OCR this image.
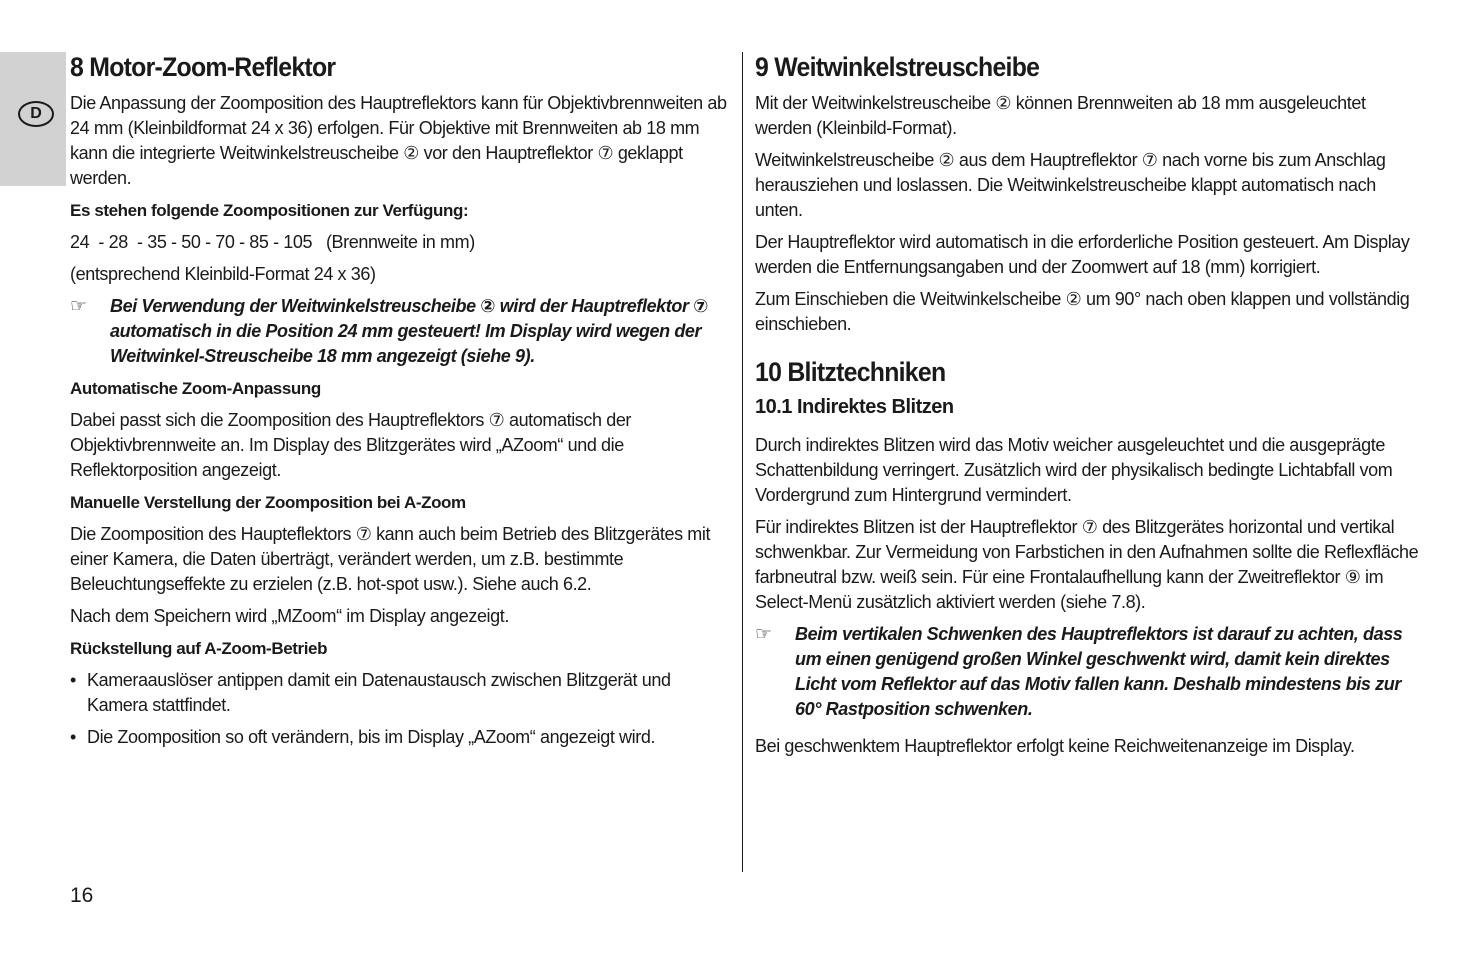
D
8 Motor-Zoom-Reflektor

Die Anpassung der Zoomposition des Hauptreflektors kann für Objektivbrennweiten ab 24 mm (Kleinbildformat 24 x 36) erfolgen. Für Objektive mit Brennweiten ab 18 mm kann die integrierte Weitwinkelstreuscheibe ② vor den Hauptreflektor ⑦ geklappt werden.

Es stehen folgende Zoompositionen zur Verfügung:

24  - 28  - 35 - 50 - 70 - 85 - 105   (Brennweite in mm)

(entsprechend Kleinbild-Format 24 x 36)

☞	Bei Verwendung der Weitwinkelstreuscheibe ② wird der Hauptreflektor ⑦ automatisch in die Position 24 mm gesteuert! Im Display wird wegen der Weitwinkel-Streuscheibe 18 mm angezeigt (siehe 9).

Automatische Zoom-Anpassung

Dabei passt sich die Zoomposition des Hauptreflektors ⑦ automatisch der Objektivbrennweite an. Im Display des Blitzgerätes wird „AZoom“ und die Reflektorposition angezeigt.

Manuelle Verstellung der Zoomposition bei A-Zoom

Die Zoomposition des Haupteflektors ⑦ kann auch beim Betrieb des Blitzgerätes mit einer Kamera, die Daten überträgt, verändert werden, um z.B. bestimmte Beleuchtungseffekte zu erzielen (z.B. hot-spot usw.). Siehe auch 6.2.

Nach dem Speichern wird „MZoom“ im Display angezeigt.

Rückstellung auf A-Zoom-Betrieb

• Kameraauslöser antippen damit ein Datenaustausch zwischen Blitzgerät und Kamera stattfindet.
• Die Zoomposition so oft verändern, bis im Display „AZoom“ angezeigt wird.
9 Weitwinkelstreuscheibe

Mit der Weitwinkelstreuscheibe ② können Brennweiten ab 18 mm ausgeleuchtet werden (Kleinbild-Format).

Weitwinkelstreuscheibe ② aus dem Hauptreflektor ⑦ nach vorne bis zum Anschlag herausziehen und loslassen. Die Weitwinkelstreuscheibe klappt automatisch nach unten.

Der Hauptreflektor wird automatisch in die erforderliche Position gesteuert. Am Display werden die Entfernungsangaben und der Zoomwert auf 18 (mm) korrigiert.

Zum Einschieben die Weitwinkelscheibe ② um 90° nach oben klappen und vollständig einschieben.

10 Blitztechniken
10.1 Indirektes Blitzen

Durch indirektes Blitzen wird das Motiv weicher ausgeleuchtet und die ausgeprägte Schattenbildung verringert. Zusätzlich wird der physikalisch bedingte Lichtabfall vom Vordergrund zum Hintergrund vermindert.

Für indirektes Blitzen ist der Hauptreflektor ⑦ des Blitzgerätes horizontal und vertikal schwenkbar. Zur Vermeidung von Farbstichen in den Aufnahmen sollte die Reflexfläche farbneutral bzw. weiß sein. Für eine Frontalaufhellung kann der Zweitreflektor ⑨ im Select-Menü zusätzlich aktiviert werden (siehe 7.8).

☞	Beim vertikalen Schwenken des Hauptreflektors ist darauf zu achten, dass um einen genügend großen Winkel geschwenkt wird, damit kein direktes Licht vom Reflektor auf das Motiv fallen kann. Deshalb mindestens bis zur 60° Rastposition schwenken.

Bei geschwenktem Hauptreflektor erfolgt keine Reichweitenanzeige im Display.

16
